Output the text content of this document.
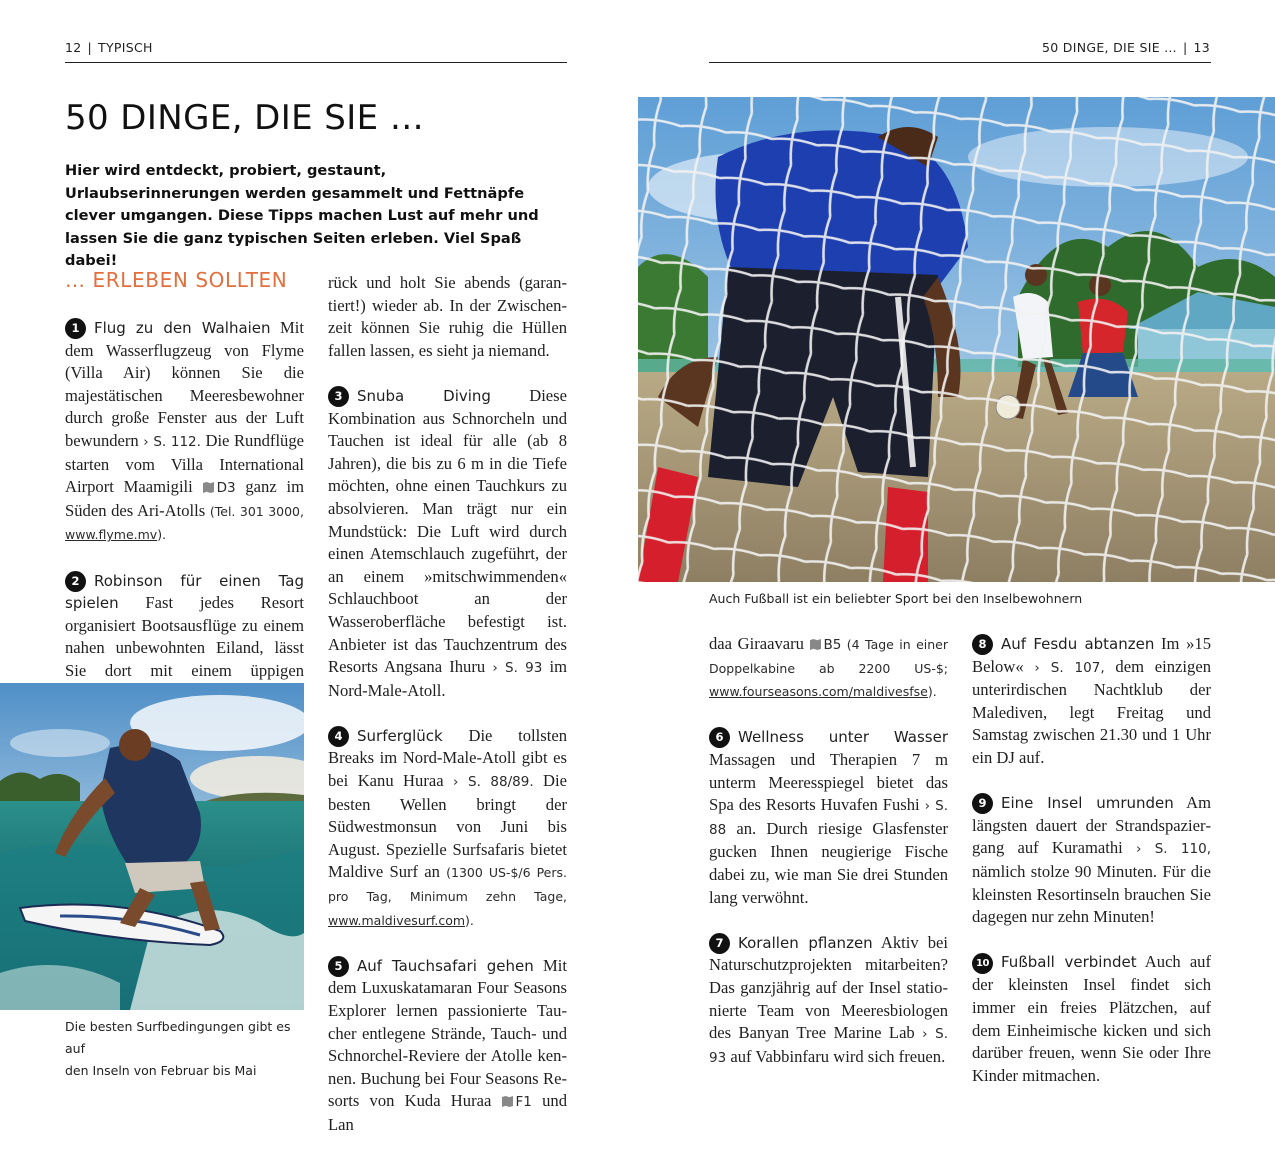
12 | TYPISCH	50 DINGE, DIE SIE … | 13
50 DINGE, DIE SIE …
Hier wird entdeckt, probiert, gestaunt, Urlaubserinnerungen werden gesammelt und Fettnäpfe clever umgangen. Diese Tipps machen Lust auf mehr und lassen Sie die ganz typischen Seiten erleben. Viel Spaß dabei!
… ERLEBEN SOLLTEN

1 Flug zu den Walhaien Mit dem Wasserflugzeug von Flyme (Villa Air) können Sie die majestätischen Meeresbewohner durch große Fenster aus der Luft bewundern › S. 112. Die Rundflüge starten vom Villa International Airport Maamigili D3 ganz im Süden des Ari-Atolls (Tel. 301 3000, www.flyme.mv).

2 Robinson für einen Tag spielen Fast jedes Resort organisiert Bootsausflüge zu einem nahen unbewohnten Eiland, lässt Sie dort mit einem üppigen

Die besten Surfbedingungen gibt es auf
den Inseln von Februar bis Mai

rück und holt Sie abends (garantiert!) wieder ab. In der Zwischenzeit können Sie ruhig die Hüllen fallen lassen, es sieht ja niemand.

3 Snuba Diving Diese Kombination aus Schnorcheln und Tauchen ist ideal für alle (ab 8 Jahren), die bis zu 6 m in die Tiefe möchten, ohne einen Tauchkurs zu absolvieren. Man trägt nur ein Mundstück: Die Luft wird durch einen Atemschlauch zugeführt, der an einem »mitschwimmenden« Schlauchboot an der Wasseroberfläche befestigt ist. Anbieter ist das Tauchzentrum des Resorts Angsana Ihuru › S. 93 im Nord-Male-Atoll.

4 Surferglück Die tollsten Breaks im Nord-Male-Atoll gibt es bei Kanu Huraa › S. 88/89. Die besten Wellen bringt der Südwestmonsun von Juni bis August. Spezielle Surfsafaris bietet Maldive Surf an (1300 US-$/6 Pers. pro Tag, Minimum zehn Tage, www.maldivesurf.com).

5 Auf Tauchsafari gehen Mit dem Luxuskatamaran Four Seasons Explorer lernen passionierte Taucher entlegene Strände, Tauch- und Schnorchel-Reviere der Atolle kennen. Buchung bei Four Seasons Resorts von Kuda Huraa F1 und Lan

Auch Fußball ist ein beliebter Sport bei den Inselbewohnern

daa Giraavaru B5 (4 Tage in einer Doppelkabine ab 2200 US-$; www.fourseasons.com/maldivesfse).

6 Wellness unter Wasser Massagen und Therapien 7 m unterm Meeresspiegel bietet das Spa des Resorts Huvafen Fushi › S. 88 an. Durch riesige Glasfenster gucken Ihnen neugierige Fische dabei zu, wie man Sie drei Stunden lang verwöhnt.

7 Korallen pflanzen Aktiv bei Naturschutzprojekten mitarbeiten? Das ganzjährig auf der Insel stationierte Team von Meeresbiologen des Banyan Tree Marine Lab › S. 93 auf Vabbinfaru wird sich freuen.

8 Auf Fesdu abtanzen Im »15 Below« › S. 107, dem einzigen unterirdischen Nachtklub der Malediven, legt Freitag und Samstag zwischen 21.30 und 1 Uhr ein DJ auf.

9 Eine Insel umrunden Am längsten dauert der Strandspaziergang auf Kuramathi › S. 110, nämlich stolze 90 Minuten. Für die kleinsten Resortinseln brauchen Sie dagegen nur zehn Minuten!

10 Fußball verbindet Auch auf der kleinsten Insel findet sich immer ein freies Plätzchen, auf dem Einheimische kicken und sich darüber freuen, wenn Sie oder Ihre Kinder mitmachen.
